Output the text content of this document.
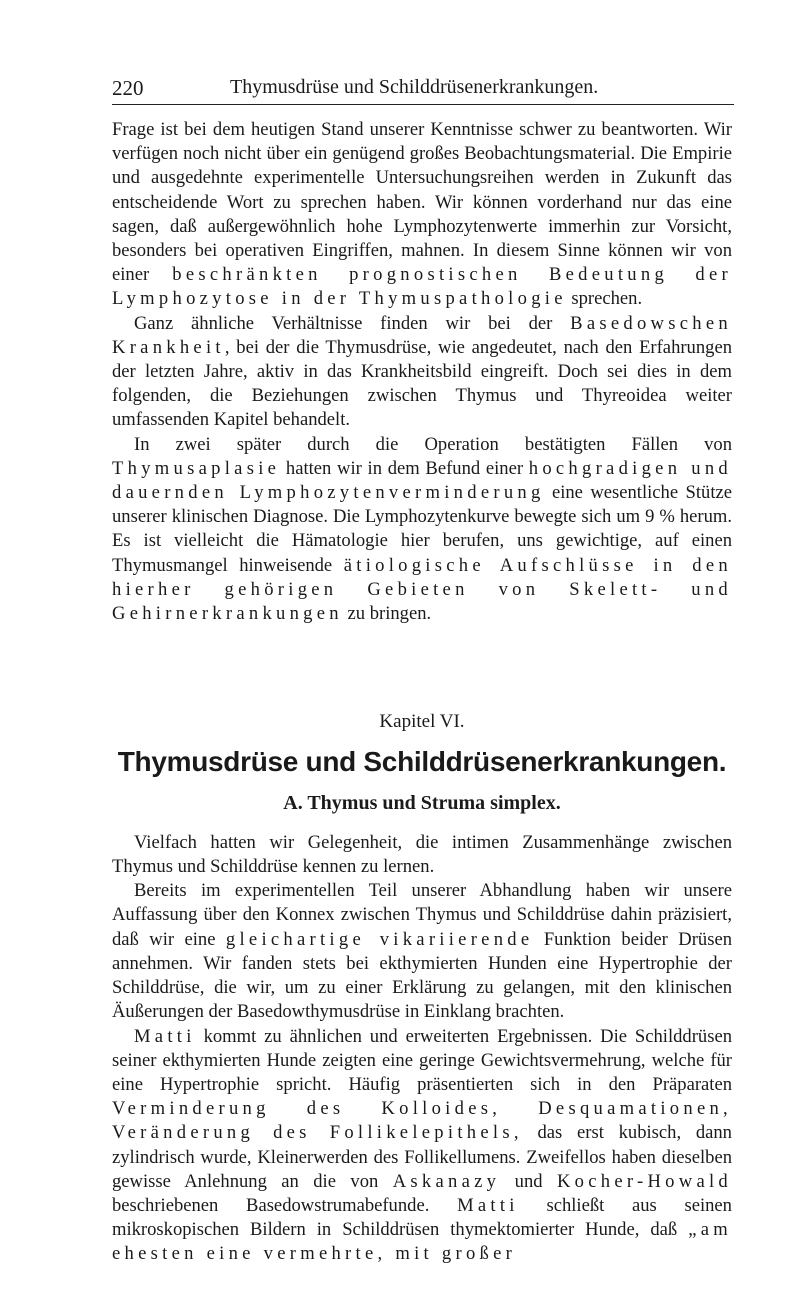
220	Thymusdrüse und Schilddrüsenerkrankungen.

Frage ist bei dem heutigen Stand unserer Kenntnisse schwer zu beantworten. Wir verfügen noch nicht über ein genügend großes Beobachtungsmaterial. Die Empirie und ausgedehnte experimentelle Untersuchungsreihen werden in Zukunft das entscheidende Wort zu sprechen haben. Wir können vorderhand nur das eine sagen, daß außergewöhnlich hohe Lymphozytenwerte immerhin zur Vorsicht, besonders bei operativen Eingriffen, mahnen. In diesem Sinne können wir von einer beschränkten prognostischen Bedeutung der Lymphozytose in der Thymuspathologie sprechen.

Ganz ähnliche Verhältnisse finden wir bei der Basedowschen Krankheit, bei der die Thymusdrüse, wie angedeutet, nach den Erfahrungen der letzten Jahre, aktiv in das Krankheitsbild eingreift. Doch sei dies in dem folgenden, die Beziehungen zwischen Thymus und Thyreoidea weiter umfassenden Kapitel behandelt.

In zwei später durch die Operation bestätigten Fällen von Thymusaplasie hatten wir in dem Befund einer hochgradigen und dauernden Lymphozytenverminderung eine wesentliche Stütze unserer klinischen Diagnose. Die Lymphozytenkurve bewegte sich um 9 % herum. Es ist vielleicht die Hämatologie hier berufen, uns gewichtige, auf einen Thymusmangel hinweisende ätiologische Aufschlüsse in den hierher gehörigen Gebieten von Skelett- und Gehirnerkrankungen zu bringen.

Kapitel VI.
Thymusdrüse und Schilddrüsenerkrankungen.
A. Thymus und Struma simplex.

Vielfach hatten wir Gelegenheit, die intimen Zusammenhänge zwischen Thymus und Schilddrüse kennen zu lernen.

Bereits im experimentellen Teil unserer Abhandlung haben wir unsere Auffassung über den Konnex zwischen Thymus und Schilddrüse dahin präzisiert, daß wir eine gleichartige vikariierende Funktion beider Drüsen annehmen. Wir fanden stets bei ekthymierten Hunden eine Hypertrophie der Schilddrüse, die wir, um zu einer Erklärung zu gelangen, mit den klinischen Äußerungen der Basedowthymusdrüse in Einklang brachten.

Matti kommt zu ähnlichen und erweiterten Ergebnissen. Die Schilddrüsen seiner ekthymierten Hunde zeigten eine geringe Gewichtsvermehrung, welche für eine Hypertrophie spricht. Häufig präsentierten sich in den Präparaten Verminderung des Kolloides, Desquamationen, Veränderung des Follikelepithels, das erst kubisch, dann zylindrisch wurde, Kleinerwerden des Follikellumens. Zweifellos haben dieselben gewisse Anlehnung an die von Askanazy und Kocher-Howald beschriebenen Basedowstrumabefunde. Matti schließt aus seinen mikroskopischen Bildern in Schilddrüsen thymektomierter Hunde, daß „am ehesten eine vermehrte, mit großer
